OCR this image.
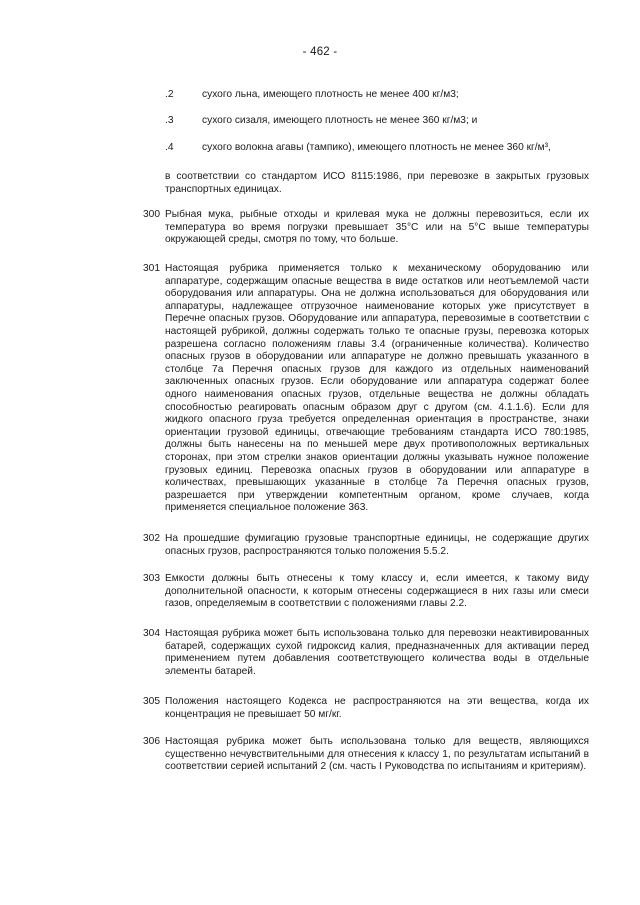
- 462 -
.2	сухого льна, имеющего плотность не менее 400 кг/м3;
.3	сухого сизаля, имеющего плотность не менее 360 кг/м3; и
.4	сухого волокна агавы (тампико), имеющего плотность не менее 360 кг/м³,
в соответствии со стандартом ИСО 8115:1986, при перевозке в закрытых грузовых транспортных единицах.
300 Рыбная мука, рыбные отходы и крилевая мука не должны перевозиться, если их температура во время погрузки превышает 35°C или на 5°C выше температуры окружающей среды, смотря по тому, что больше.
301 Настоящая рубрика применяется только к механическому оборудованию или аппаратуре, содержащим опасные вещества в виде остатков или неотъемлемой части оборудования или аппаратуры. Она не должна использоваться для оборудования или аппаратуры, надлежащее отгрузочное наименование которых уже присутствует в Перечне опасных грузов. Оборудование или аппаратура, перевозимые в соответствии с настоящей рубрикой, должны содержать только те опасные грузы, перевозка которых разрешена согласно положениям главы 3.4 (ограниченные количества). Количество опасных грузов в оборудовании или аппаратуре не должно превышать указанного в столбце 7а Перечня опасных грузов для каждого из отдельных наименований заключенных опасных грузов. Если оборудование или аппаратура содержат более одного наименования опасных грузов, отдельные вещества не должны обладать способностью реагировать опасным образом друг с другом (см. 4.1.1.6). Если для жидкого опасного груза требуется определенная ориентация в пространстве, знаки ориентации грузовой единицы, отвечающие требованиям стандарта ИСО 780:1985, должны быть нанесены на по меньшей мере двух противоположных вертикальных сторонах, при этом стрелки знаков ориентации должны указывать нужное положение грузовых единиц. Перевозка опасных грузов в оборудовании или аппаратуре в количествах, превышающих указанные в столбце 7а Перечня опасных грузов, разрешается при утверждении компетентным органом, кроме случаев, когда применяется специальное положение 363.
302 На прошедшие фумигацию грузовые транспортные единицы, не содержащие других опасных грузов, распространяются только положения 5.5.2.
303 Емкости должны быть отнесены к тому классу и, если имеется, к такому виду дополнительной опасности, к которым отнесены содержащиеся в них газы или смеси газов, определяемым в соответствии с положениями главы 2.2.
304 Настоящая рубрика может быть использована только для перевозки неактивированных батарей, содержащих сухой гидроксид калия, предназначенных для активации перед применением путем добавления соответствующего количества воды в отдельные элементы батарей.
305 Положения настоящего Кодекса не распространяются на эти вещества, когда их концентрация не превышает 50 мг/кг.
306 Настоящая рубрика может быть использована только для веществ, являющихся существенно нечувствительными для отнесения к классу 1, по результатам испытаний в соответствии серией испытаний 2 (см. часть I Руководства по испытаниям и критериям).
